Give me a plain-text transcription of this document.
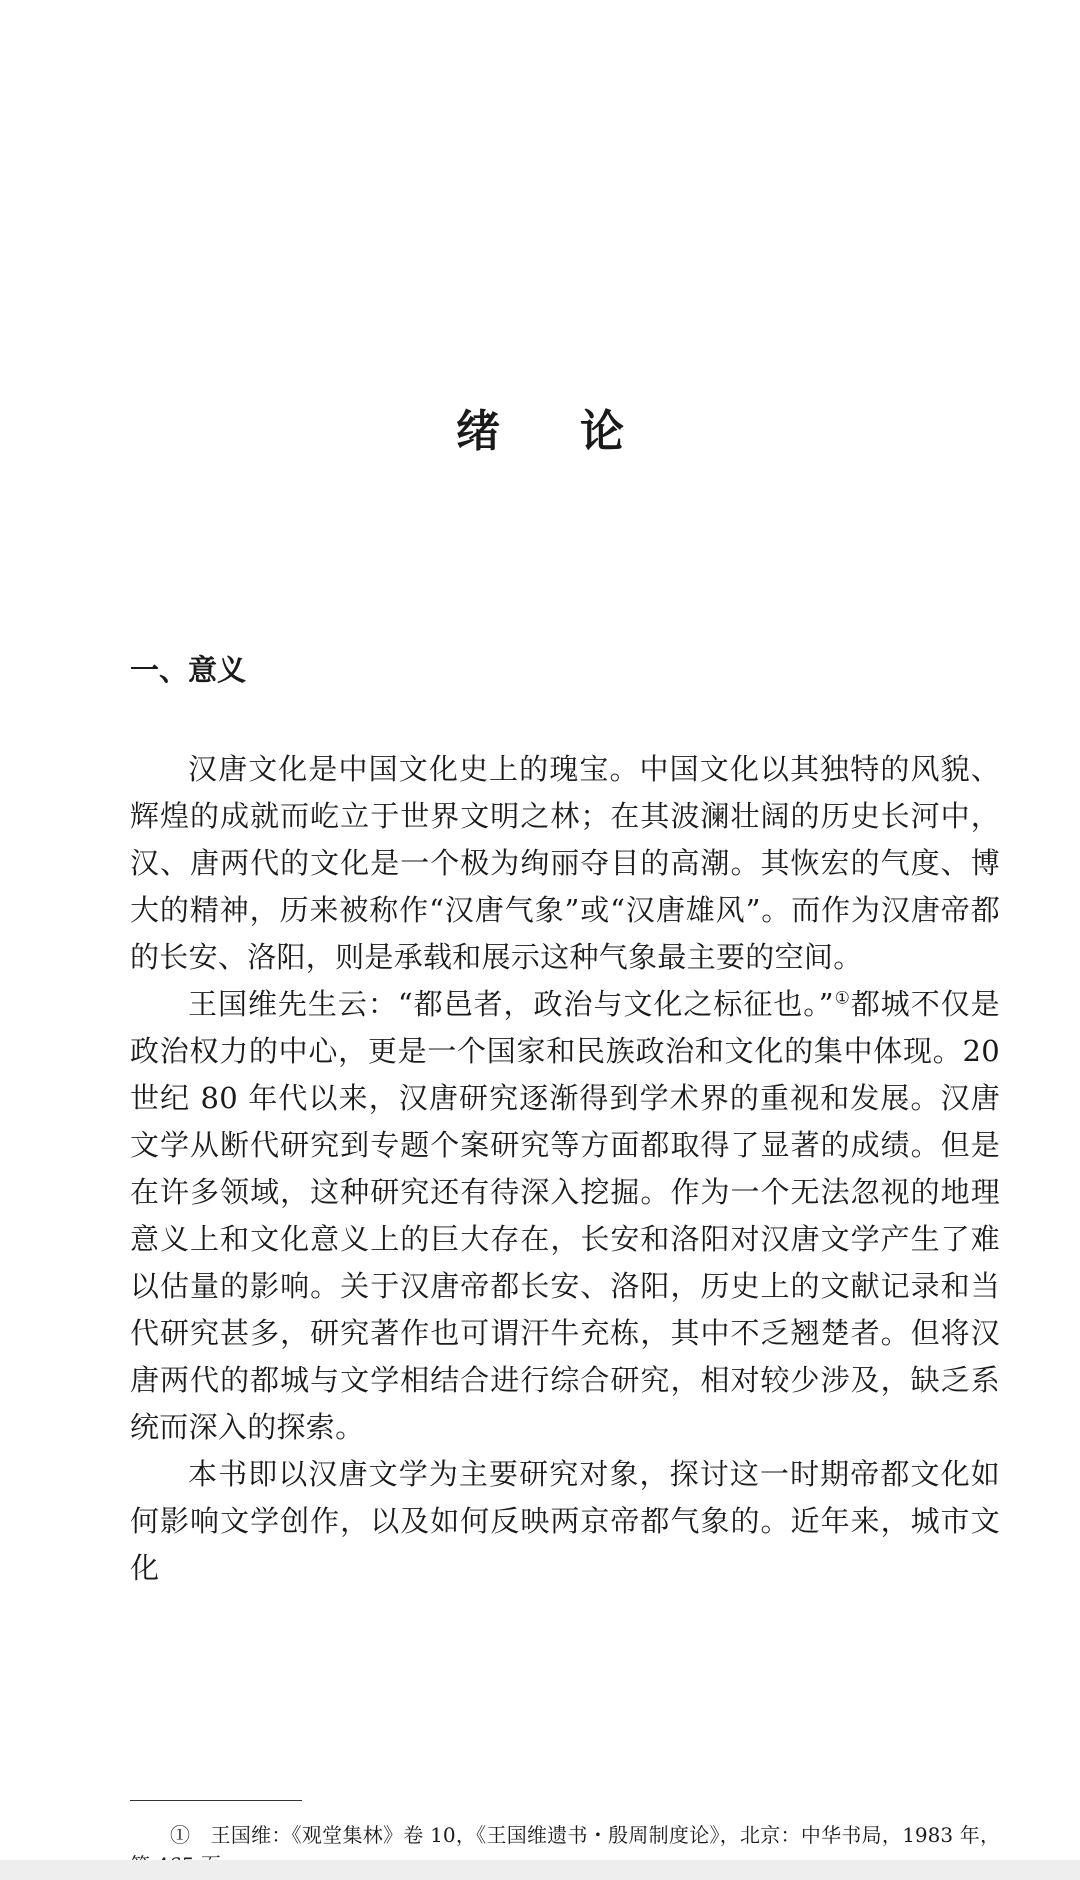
绪论
一、意义

汉唐文化是中国文化史上的瑰宝。中国文化以其独特的风貌、辉煌的成就而屹立于世界文明之林；在其波澜壮阔的历史长河中，汉、唐两代的文化是一个极为绚丽夺目的高潮。其恢宏的气度、博大的精神，历来被称作“汉唐气象”或“汉唐雄风”。而作为汉唐帝都的长安、洛阳，则是承载和展示这种气象最主要的空间。

王国维先生云：“都邑者，政治与文化之标征也。”①都城不仅是政治权力的中心，更是一个国家和民族政治和文化的集中体现。20 世纪 80 年代以来，汉唐研究逐渐得到学术界的重视和发展。汉唐文学从断代研究到专题个案研究等方面都取得了显著的成绩。但是在许多领域，这种研究还有待深入挖掘。作为一个无法忽视的地理意义上和文化意义上的巨大存在，长安和洛阳对汉唐文学产生了难以估量的影响。关于汉唐帝都长安、洛阳，历史上的文献记录和当代研究甚多，研究著作也可谓汗牛充栋，其中不乏翘楚者。但将汉唐两代的都城与文学相结合进行综合研究，相对较少涉及，缺乏系统而深入的探索。

本书即以汉唐文学为主要研究对象，探讨这一时期帝都文化如何影响文学创作，以及如何反映两京帝都气象的。近年来，城市文化

①　王国维：《观堂集林》卷 10，《王国维遗书・殷周制度论》，北京：中华书局，1983 年，
